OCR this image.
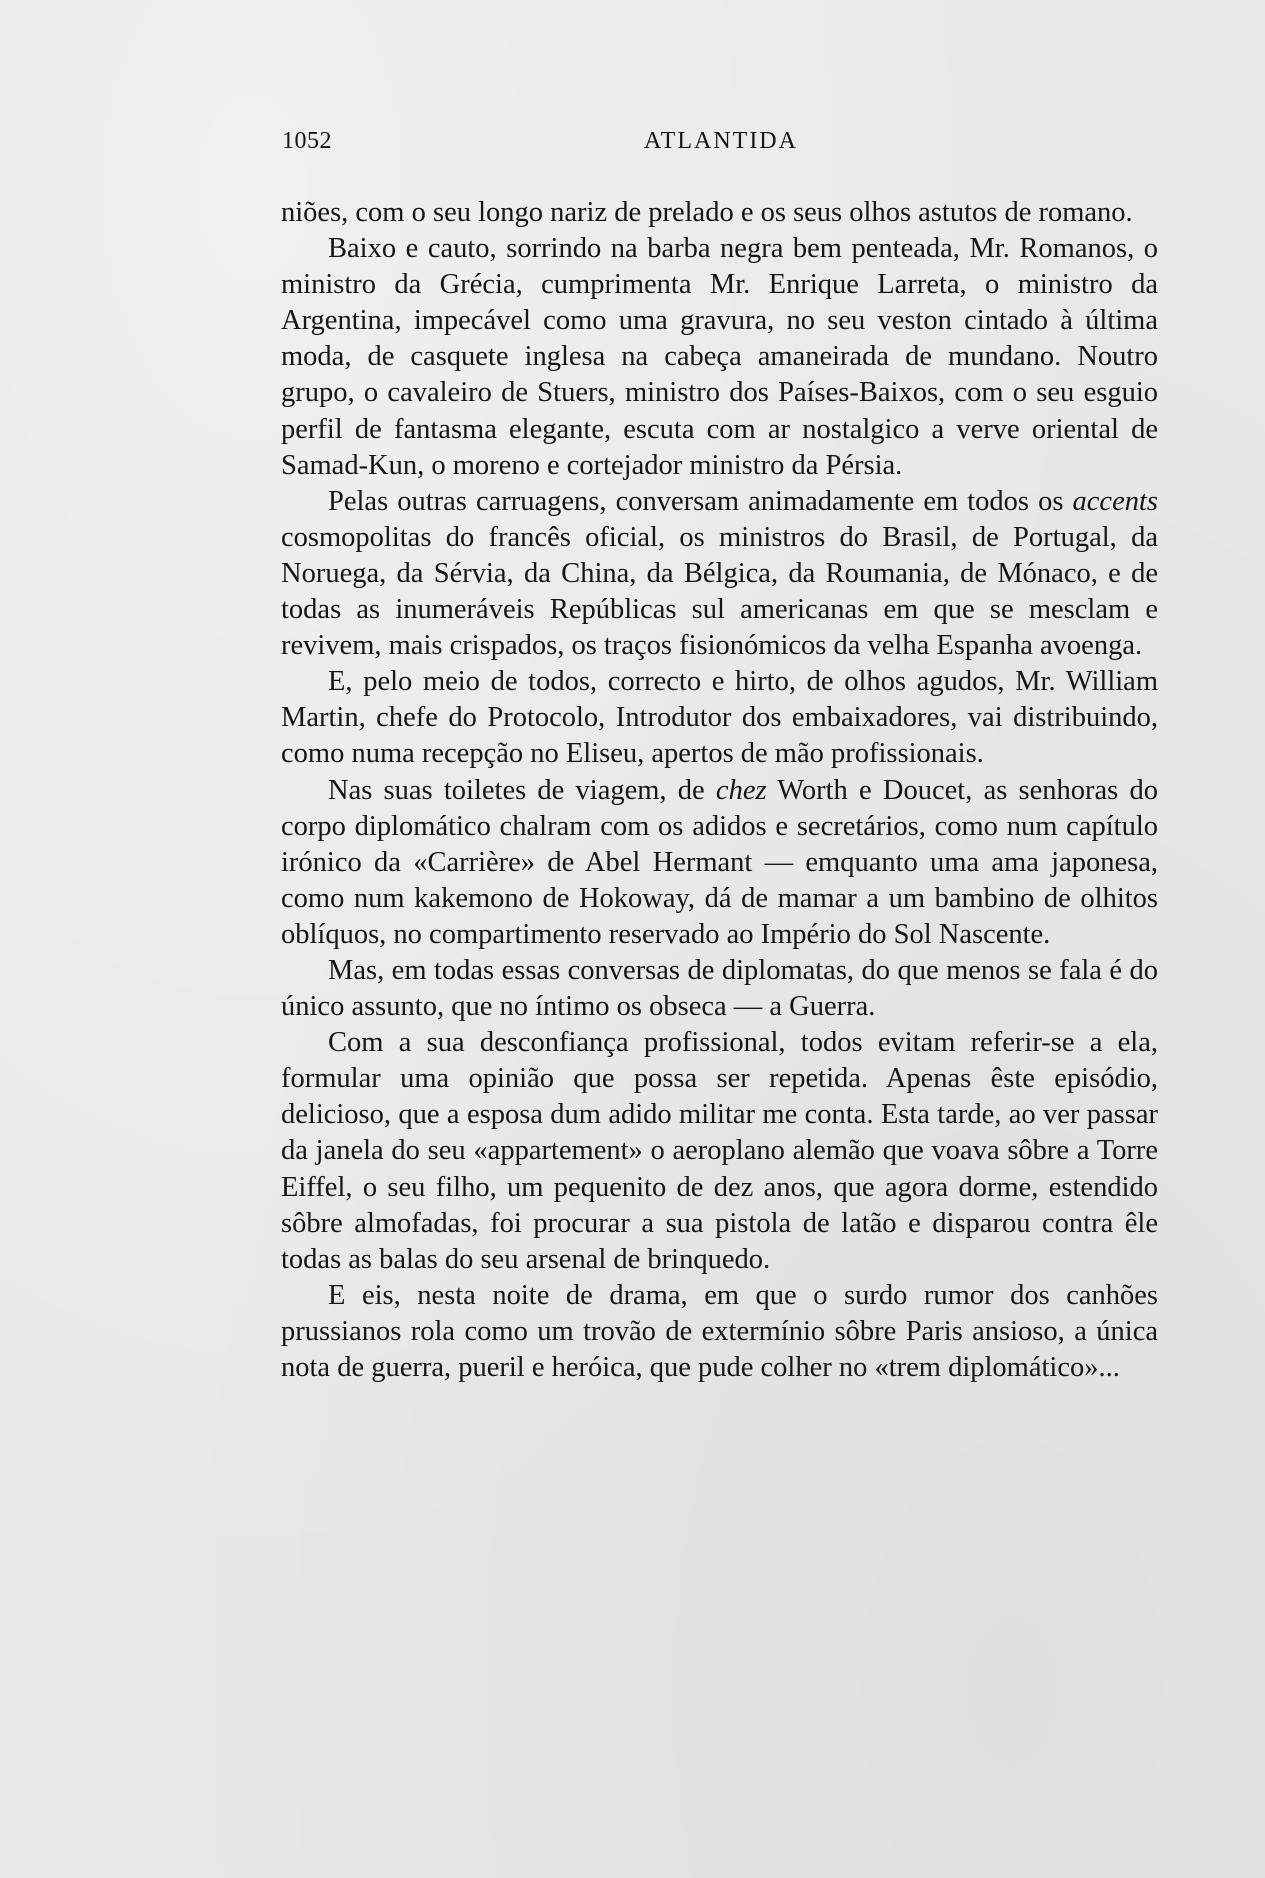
1052	ATLANTIDA

niões, com o seu longo nariz de prelado e os seus olhos astutos de romano.

Baixo e cauto, sorrindo na barba negra bem penteada, Mr. Romanos, o ministro da Grécia, cumprimenta Mr. Enrique Larreta, o ministro da Argentina, impecável como uma gravura, no seu veston cintado à última moda, de casquete inglesa na cabeça amaneirada de mundano. Noutro grupo, o cavaleiro de Stuers, ministro dos Países-Baixos, com o seu esguio perfil de fantasma elegante, escuta com ar nostalgico a verve oriental de Samad-Kun, o moreno e cortejador ministro da Pérsia.

Pelas outras carruagens, conversam animadamente em todos os accents cosmopolitas do francês oficial, os ministros do Brasil, de Portugal, da Noruega, da Sérvia, da China, da Bélgica, da Roumania, de Mónaco, e de todas as inumeráveis Repúblicas sul americanas em que se mesclam e revivem, mais crispados, os traços fisionómicos da velha Espanha avoenga.

E, pelo meio de todos, correcto e hirto, de olhos agudos, Mr. William Martin, chefe do Protocolo, Introdutor dos embaixadores, vai distribuindo, como numa recepção no Eliseu, apertos de mão profissionais.

Nas suas toiletes de viagem, de chez Worth e Doucet, as senhoras do corpo diplomático chalram com os adidos e secretários, como num capítulo irónico da «Carrière» de Abel Hermant — emquanto uma ama japonesa, como num kakemono de Hokoway, dá de mamar a um bambino de olhitos oblíquos, no compartimento reservado ao Império do Sol Nascente.

Mas, em todas essas conversas de diplomatas, do que menos se fala é do único assunto, que no íntimo os obseca — a Guerra.

Com a sua desconfiança profissional, todos evitam referir-se a ela, formular uma opinião que possa ser repetida. Apenas êste episódio, delicioso, que a esposa dum adido militar me conta. Esta tarde, ao ver passar da janela do seu «appartement» o aeroplano alemão que voava sôbre a Torre Eiffel, o seu filho, um pequenito de dez anos, que agora dorme, estendido sôbre almofadas, foi procurar a sua pistola de latão e disparou contra êle todas as balas do seu arsenal de brinquedo.

E eis, nesta noite de drama, em que o surdo rumor dos canhões prussianos rola como um trovão de extermínio sôbre Paris ansioso, a única nota de guerra, pueril e heróica, que pude colher no «trem diplomático»...
